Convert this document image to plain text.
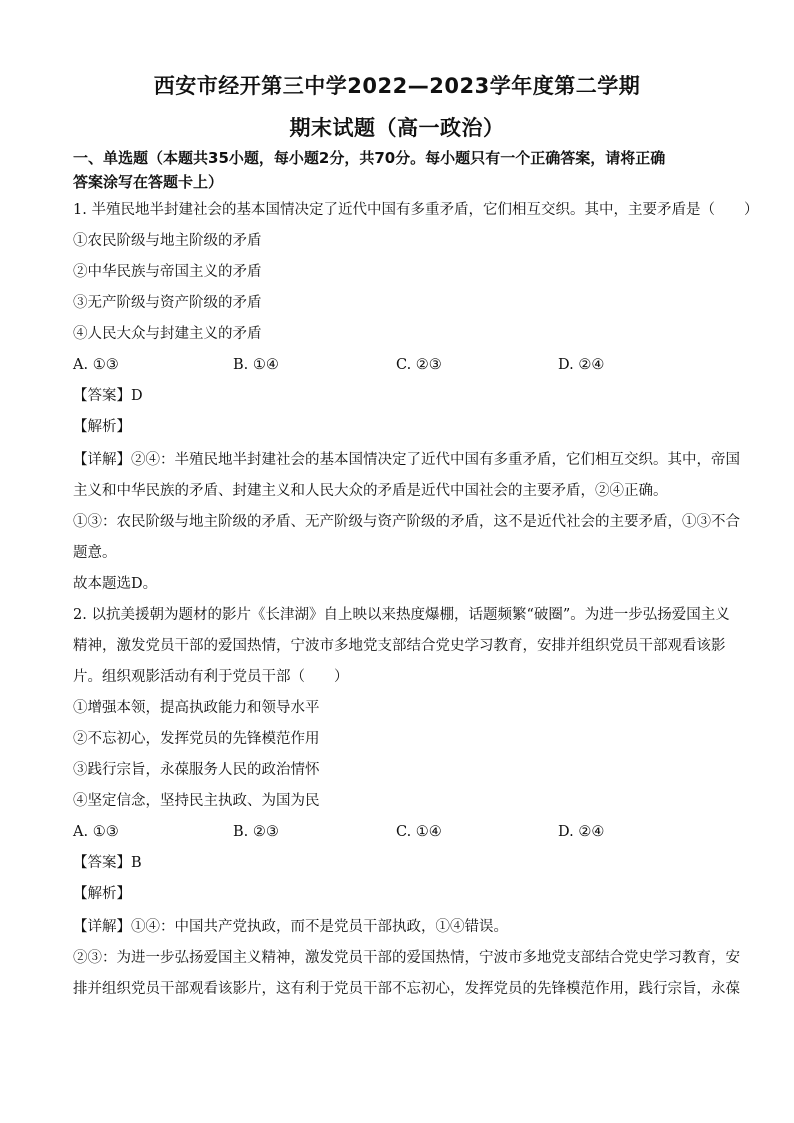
西安市经开第三中学2022—2023学年度第二学期
期末试题（高一政治）
一、单选题（本题共35小题，每小题2分，共70分。每小题只有一个正确答案，请将正确
答案涂写在答题卡上）
1. 半殖民地半封建社会的基本国情决定了近代中国有多重矛盾，它们相互交织。其中，主要矛盾是（　　）
①农民阶级与地主阶级的矛盾
②中华民族与帝国主义的矛盾
③无产阶级与资产阶级的矛盾
④人民大众与封建主义的矛盾
A. ①③	B. ①④	C. ②③	D. ②④
【答案】D
【解析】
【详解】②④：半殖民地半封建社会的基本国情决定了近代中国有多重矛盾，它们相互交织。其中，帝国
主义和中华民族的矛盾、封建主义和人民大众的矛盾是近代中国社会的主要矛盾，②④正确。
①③：农民阶级与地主阶级的矛盾、无产阶级与资产阶级的矛盾，这不是近代社会的主要矛盾，①③不合
题意。
故本题选D。
2. 以抗美援朝为题材的影片《长津湖》自上映以来热度爆棚，话题频繁“破圈”。为进一步弘扬爱国主义
精神，激发党员干部的爱国热情，宁波市多地党支部结合党史学习教育，安排并组织党员干部观看该影
片。组织观影活动有利于党员干部（　　）
①增强本领，提高执政能力和领导水平
②不忘初心，发挥党员的先锋模范作用
③践行宗旨，永葆服务人民的政治情怀
④坚定信念，坚持民主执政、为国为民
A. ①③	B. ②③	C. ①④	D. ②④
【答案】B
【解析】
【详解】①④：中国共产党执政，而不是党员干部执政，①④错误。
②③：为进一步弘扬爱国主义精神，激发党员干部的爱国热情，宁波市多地党支部结合党史学习教育，安
排并组织党员干部观看该影片，这有利于党员干部不忘初心，发挥党员的先锋模范作用，践行宗旨，永葆
